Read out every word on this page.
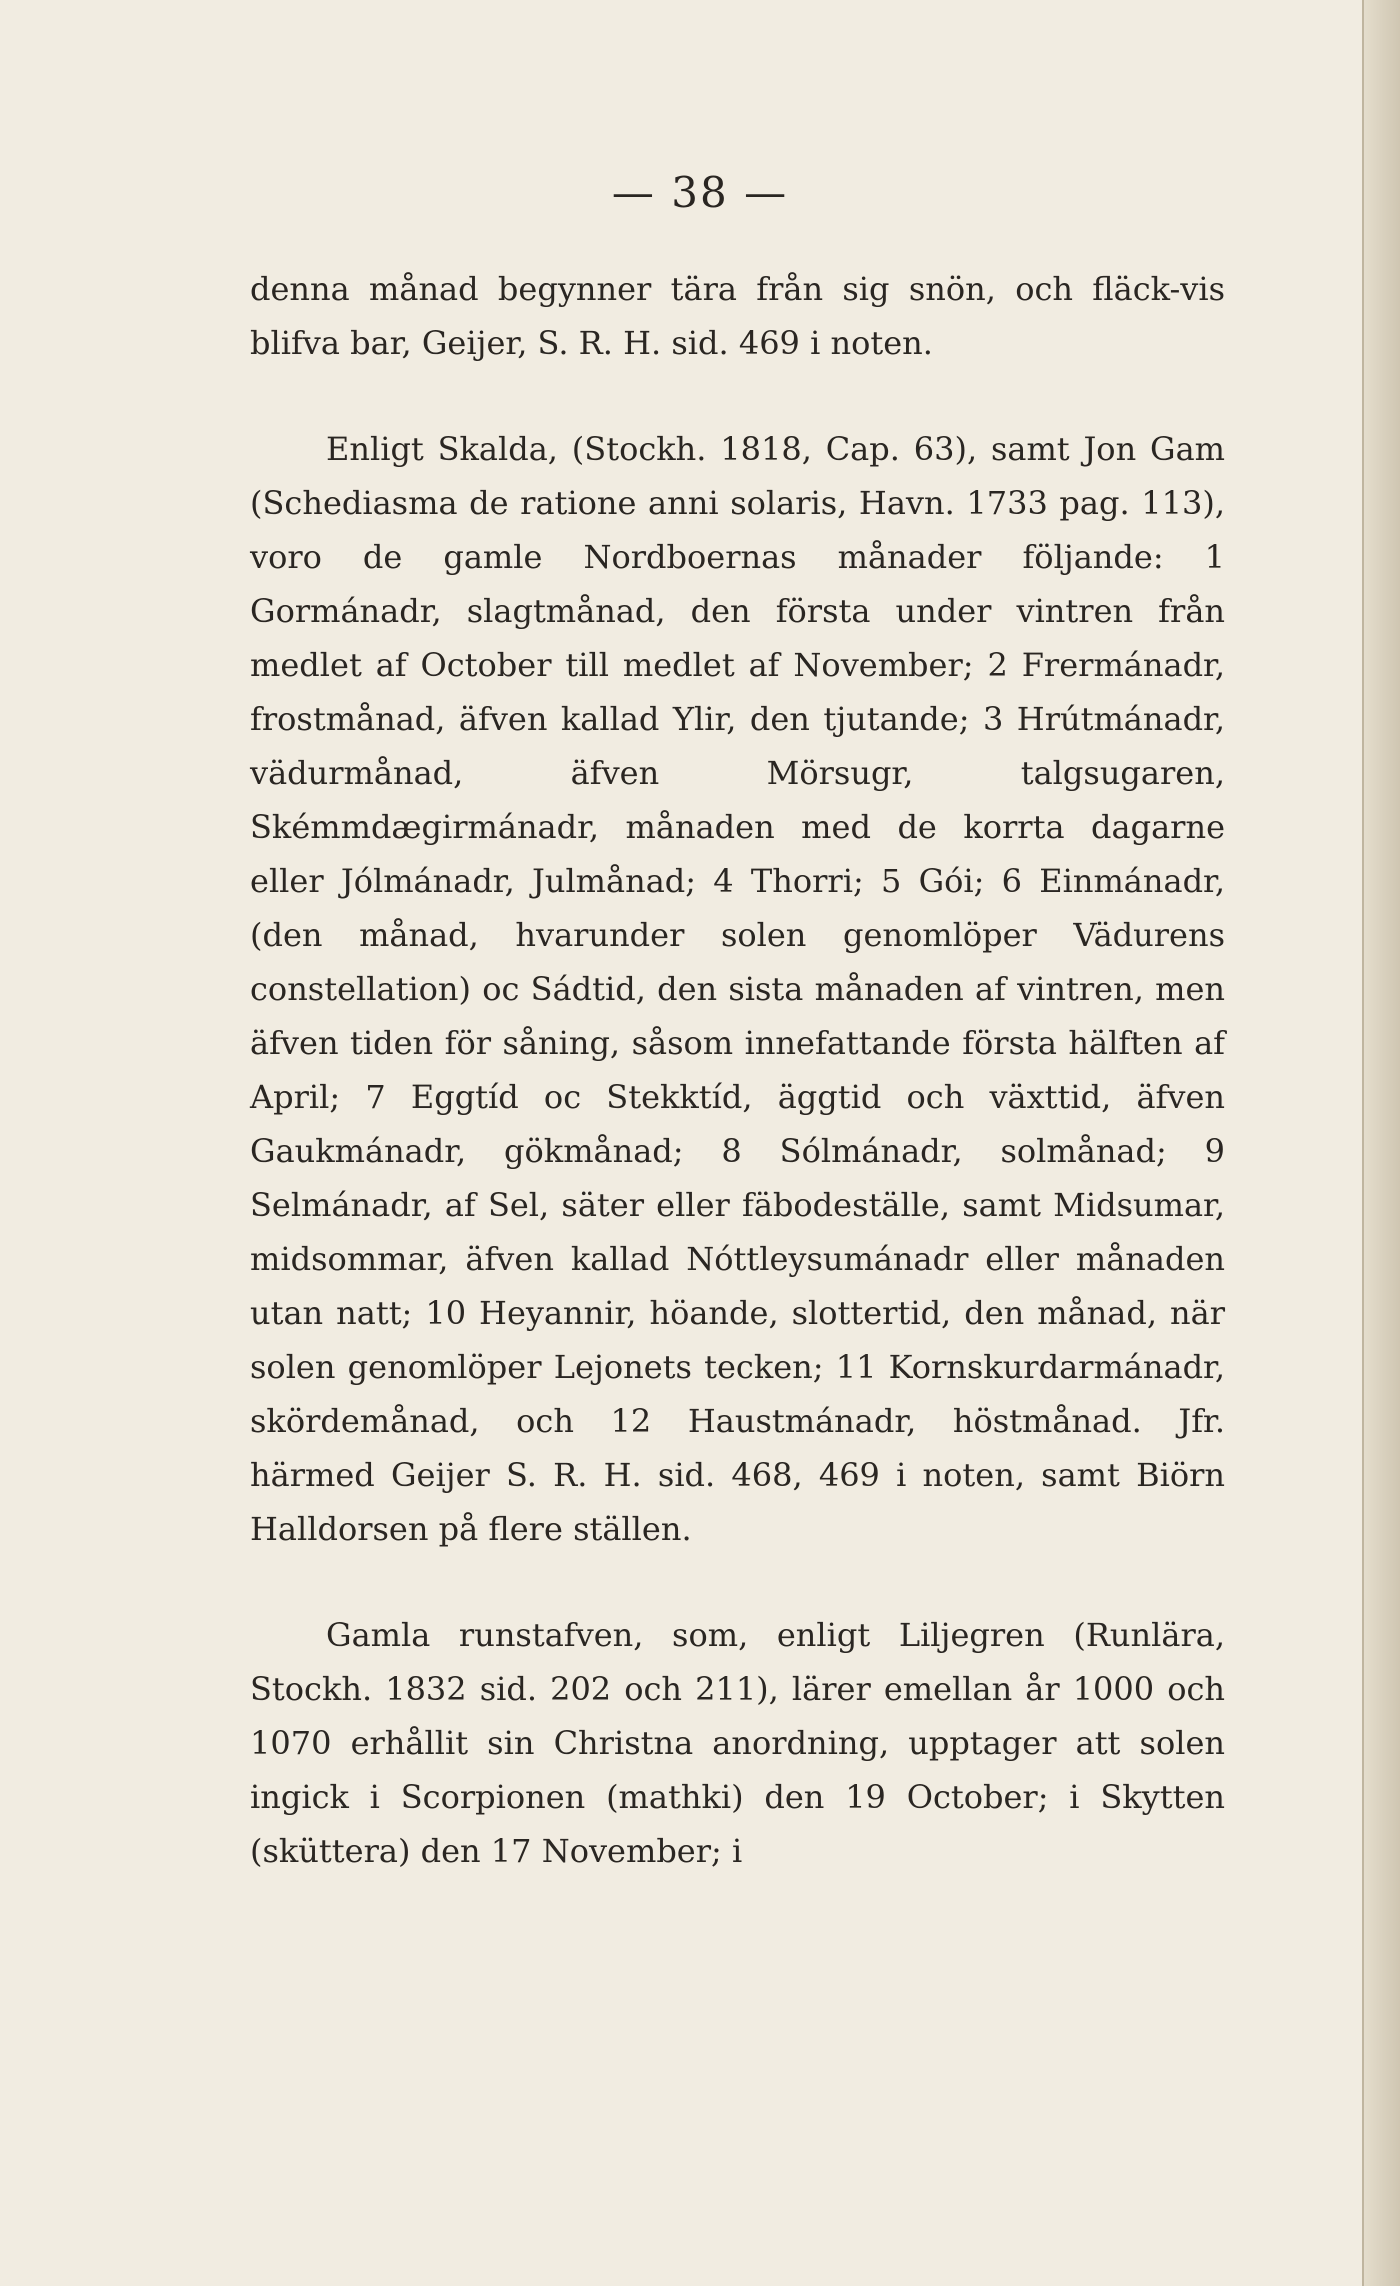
— 38 —

denna månad begynner tära från sig snön, och fläck-vis blifva bar, Geijer, S. R. H. sid. 469 i noten.

Enligt Skalda, (Stockh. 1818, Cap. 63), samt Jon Gam (Schediasma de ratione anni solaris, Havn. 1733 pag. 113), voro de gamle Nordboernas månader följande: 1 Gormánadr, slagtmånad, den första under vintren från medlet af October till medlet af November; 2 Frermánadr, frostmånad, äfven kallad Ylir, den tjutande; 3 Hrútmánadr, vädurmånad, äfven Mörsugr, talgsugaren, Skémmdægirmánadr, månaden med de korrta dagarne eller Jólmánadr, Julmånad; 4 Thorri; 5 Gói; 6 Einmánadr, (den månad, hvarunder solen genomlöper Vädurens constellation) oc Sádtid, den sista månaden af vintren, men äfven tiden för såning, såsom innefattande första hälften af April; 7 Eggtíd oc Stekktíd, äggtid och växttid, äfven Gaukmánadr, gökmånad; 8 Sólmánadr, solmånad; 9 Selmánadr, af Sel, säter eller fäbodeställe, samt Midsumar, midsommar, äfven kallad Nóttleysumánadr eller månaden utan natt; 10 Heyannir, höande, slottertid, den månad, när solen genomlöper Lejonets tecken; 11 Kornskurdarmánadr, skördemånad, och 12 Haustmánadr, höstmånad. Jfr. härmed Geijer S. R. H. sid. 468, 469 i noten, samt Biörn Halldorsen på flere ställen.

Gamla runstafven, som, enligt Liljegren (Runlära, Stockh. 1832 sid. 202 och 211), lärer emellan år 1000 och 1070 erhållit sin Christna anordning, upptager att solen ingick i Scorpionen (mathki) den 19 October; i Skytten (sküttera) den 17 November; i
